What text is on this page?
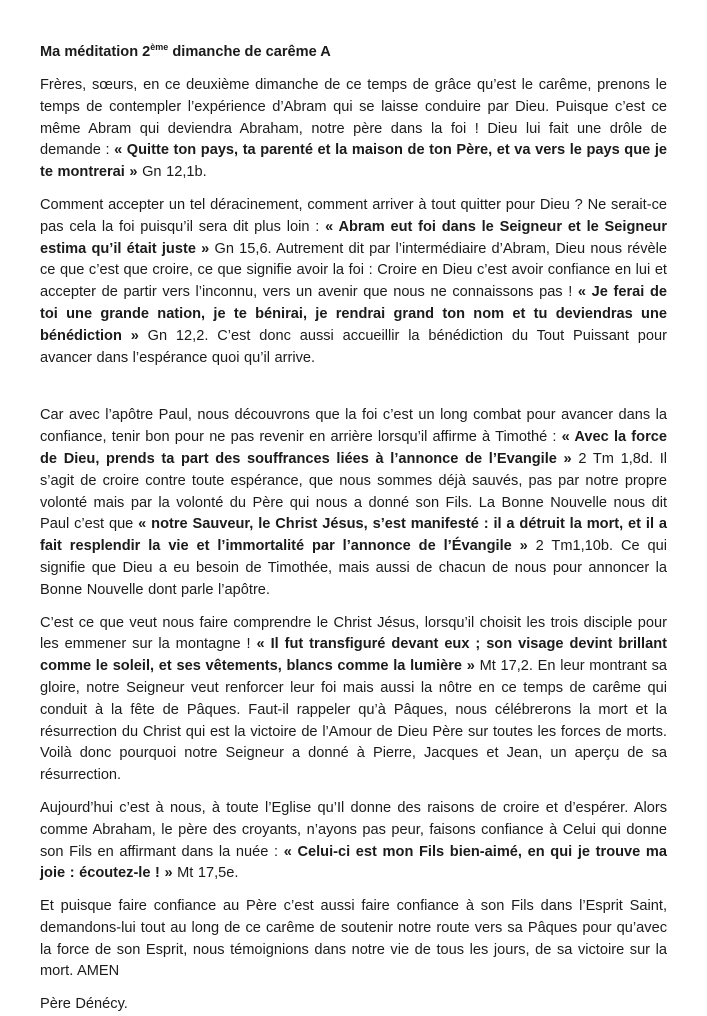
Ma méditation 2ème dimanche de carême A

Frères, sœurs, en ce deuxième dimanche de ce temps de grâce qu’est le carême, prenons le temps de contempler l’expérience d’Abram qui se laisse conduire par Dieu. Puisque c’est ce même Abram qui deviendra Abraham, notre père dans la foi ! Dieu lui fait une drôle de demande : « Quitte ton pays, ta parenté et la maison de ton Père, et va vers le pays que je te montrerai » Gn 12,1b.

Comment accepter un tel déracinement, comment arriver à tout quitter pour Dieu ? Ne serait-ce pas cela la foi puisqu’il sera dit plus loin : « Abram eut foi dans le Seigneur et le Seigneur estima qu’il était juste » Gn 15,6. Autrement dit par l’intermédiaire d’Abram, Dieu nous révèle ce que c’est que croire, ce que signifie avoir la foi : Croire en Dieu c’est avoir confiance en lui et accepter de partir vers l’inconnu, vers un avenir que nous ne connaissons pas ! « Je ferai de toi une grande nation, je te bénirai, je rendrai grand ton nom et tu deviendras une bénédiction » Gn 12,2. C’est donc aussi accueillir la bénédiction du Tout Puissant pour avancer dans l’espérance quoi qu’il arrive.

Car avec l’apôtre Paul, nous découvrons que la foi c’est un long combat pour avancer dans la confiance, tenir bon pour ne pas revenir en arrière lorsqu’il affirme à Timothé : « Avec la force de Dieu, prends ta part des souffrances liées à l’annonce de l’Evangile » 2 Tm 1,8d. Il s’agit de croire contre toute espérance, que nous sommes déjà sauvés, pas par notre propre volonté mais par la volonté du Père qui nous a donné son Fils. La Bonne Nouvelle nous dit Paul c’est que « notre Sauveur, le Christ Jésus, s’est manifesté : il a détruit la mort, et il a fait resplendir la vie et l’immortalité par l’annonce de l’Évangile » 2 Tm1,10b. Ce qui signifie que Dieu a eu besoin de Timothée, mais aussi de chacun de nous pour annoncer la Bonne Nouvelle dont parle l’apôtre.

C’est ce que veut nous faire comprendre le Christ Jésus, lorsqu’il choisit les trois disciple pour les emmener sur la montagne ! « Il fut transfiguré devant eux ; son visage devint brillant comme le soleil, et ses vêtements, blancs comme la lumière » Mt 17,2. En leur montrant sa gloire, notre Seigneur veut renforcer leur foi mais aussi la nôtre en ce temps de carême qui conduit à la fête de Pâques. Faut-il rappeler qu’à Pâques, nous célébrerons la mort et la résurrection du Christ qui est la victoire de l’Amour de Dieu Père sur toutes les forces de morts. Voilà donc pourquoi notre Seigneur a donné à Pierre, Jacques et Jean, un aperçu de sa résurrection.

Aujourd’hui c’est à nous, à toute l’Eglise qu’Il donne des raisons de croire et d’espérer. Alors comme Abraham, le père des croyants, n’ayons pas peur, faisons confiance à Celui qui donne son Fils en affirmant dans la nuée : « Celui-ci est mon Fils bien-aimé, en qui je trouve ma joie : écoutez-le ! » Mt 17,5e.

Et puisque faire confiance au Père c’est aussi faire confiance à son Fils dans l’Esprit Saint, demandons-lui tout au long de ce carême de soutenir notre route vers sa Pâques pour qu’avec la force de son Esprit, nous témoignions dans notre vie de tous les jours, de sa victoire sur la mort. AMEN

Père Dénécy.
